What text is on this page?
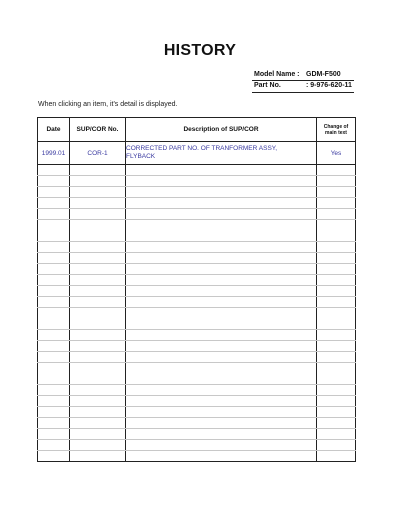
HISTORY
Model Name : GDM-F500
Part No.	: 9-976-620-11
When clicking an item, it's detail is displayed.
Date	SUP/COR No.	Description of SUP/COR	Change of
main text
1999.01	COR-1	CORRECTED PART NO. OF TRANFORMER ASSY,
FLYBACK	Yes
